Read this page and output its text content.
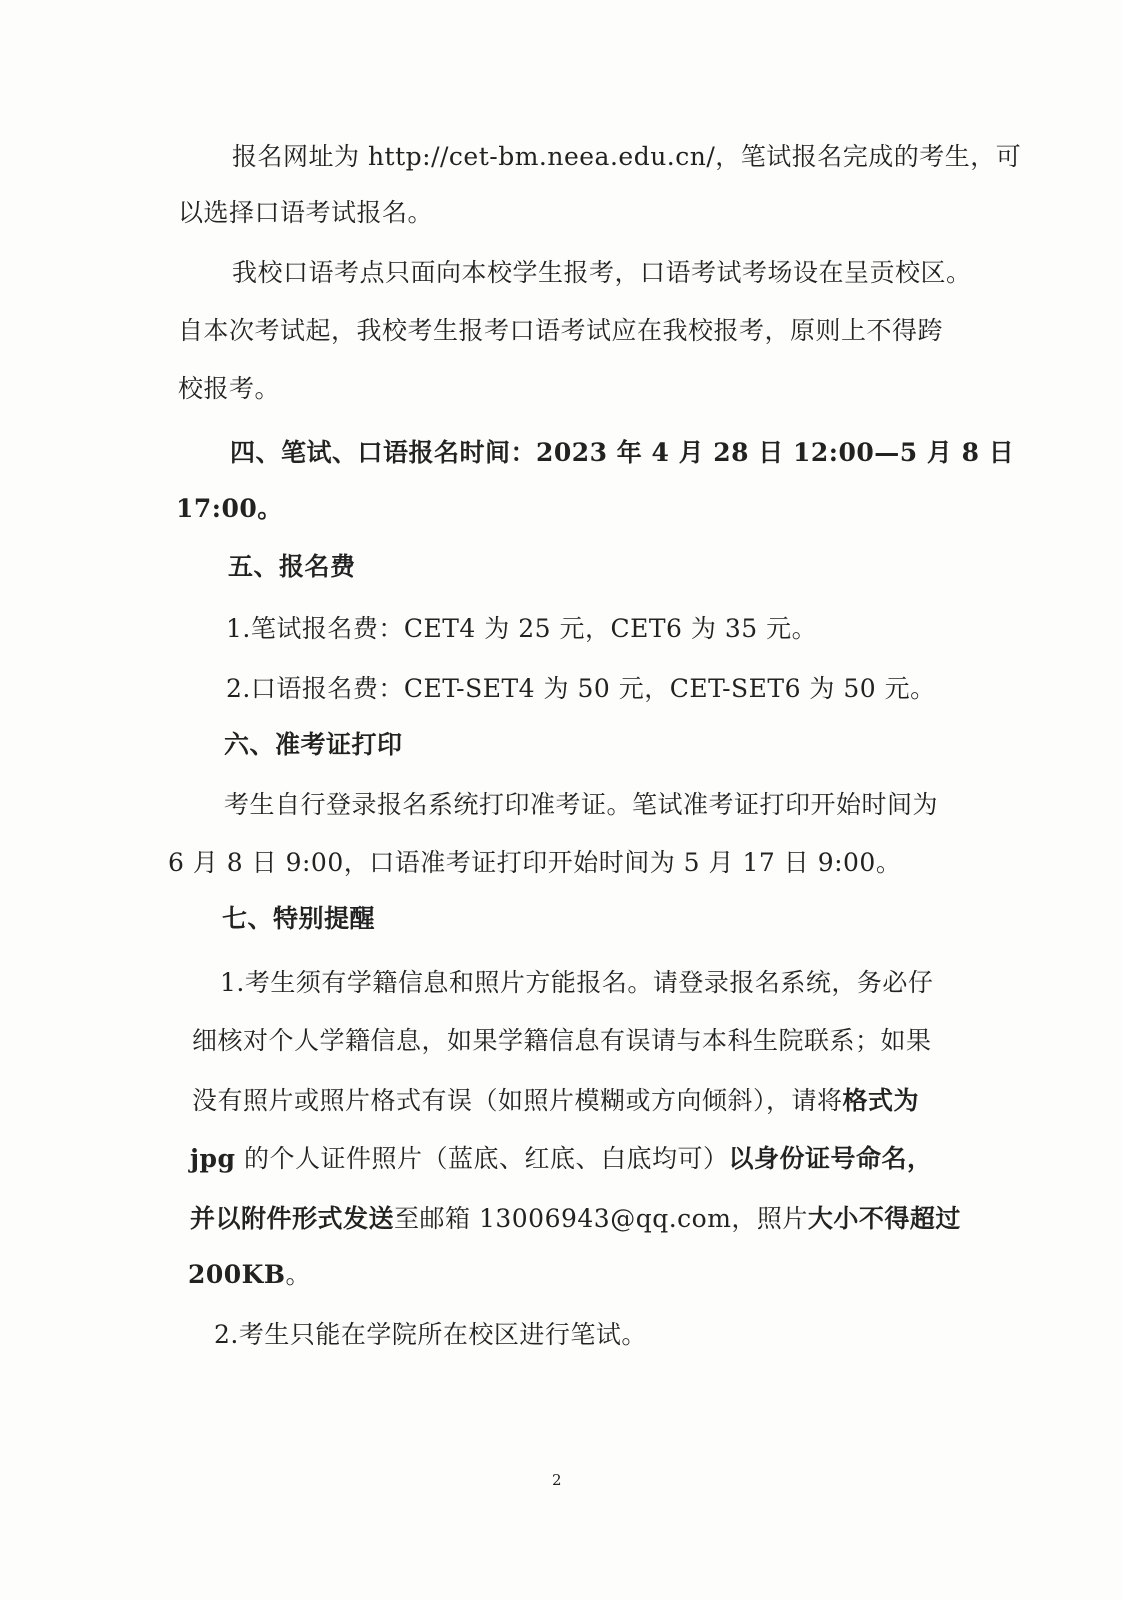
报名网址为 http://cet-bm.neea.edu.cn/，笔试报名完成的考生，可
以选择口语考试报名。
我校口语考点只面向本校学生报考，口语考试考场设在呈贡校区。
自本次考试起，我校考生报考口语考试应在我校报考，原则上不得跨
校报考。
四、笔试、口语报名时间：2023 年 4 月 28 日 12:00—5 月 8 日
17:00。
五、报名费
1.笔试报名费：CET4 为 25 元，CET6 为 35 元。
2.口语报名费：CET-SET4 为 50 元，CET-SET6 为 50 元。
六、准考证打印
考生自行登录报名系统打印准考证。笔试准考证打印开始时间为
6 月 8 日 9:00，口语准考证打印开始时间为 5 月 17 日 9:00。
七、特别提醒
1.考生须有学籍信息和照片方能报名。请登录报名系统，务必仔
细核对个人学籍信息，如果学籍信息有误请与本科生院联系；如果
没有照片或照片格式有误（如照片模糊或方向倾斜），请将格式为
jpg 的个人证件照片（蓝底、红底、白底均可）以身份证号命名，
并以附件形式发送至邮箱 13006943@qq.com，照片大小不得超过
200KB。
2.考生只能在学院所在校区进行笔试。
2
